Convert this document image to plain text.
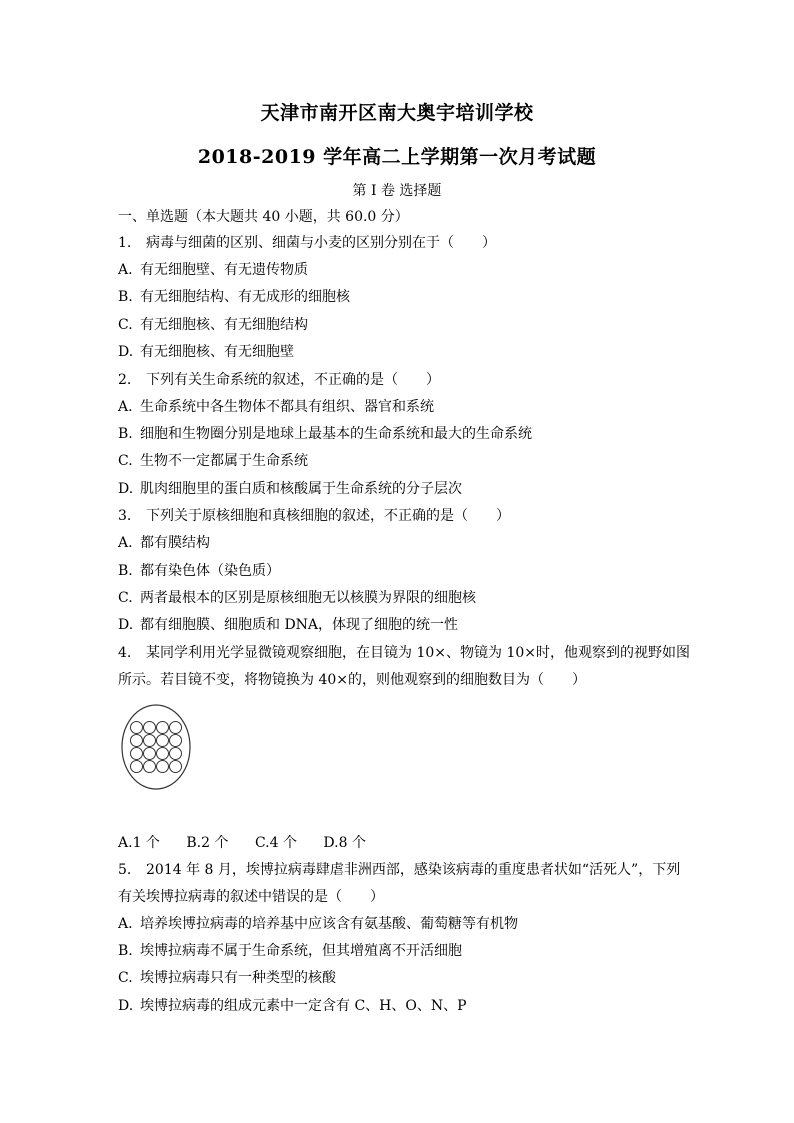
天津市南开区南大奥宇培训学校
2018-2019 学年高二上学期第一次月考试题
第 I 卷 选择题
一、单选题（本大题共 40 小题，共 60.0 分）
1. 病毒与细菌的区别、细菌与小麦的区别分别在于（　　）
A. 有无细胞壁、有无遗传物质
B. 有无细胞结构、有无成形的细胞核
C. 有无细胞核、有无细胞结构
D. 有无细胞核、有无细胞壁
2. 下列有关生命系统的叙述，不正确的是（　　）
A. 生命系统中各生物体不都具有组织、器官和系统
B. 细胞和生物圈分别是地球上最基本的生命系统和最大的生命系统
C. 生物不一定都属于生命系统
D. 肌肉细胞里的蛋白质和核酸属于生命系统的分子层次
3. 下列关于原核细胞和真核细胞的叙述，不正确的是（　　）
A. 都有膜结构
B. 都有染色体（染色质）
C. 两者最根本的区别是原核细胞无以核膜为界限的细胞核
D. 都有细胞膜、细胞质和 DNA，体现了细胞的统一性
4. 某同学利用光学显微镜观察细胞，在目镜为 10×、物镜为 10×时，他观察到的视野如图
所示。若目镜不变，将物镜换为 40×的，则他观察到的细胞数目为（　　）
A.1 个 B.2 个 C.4 个 D.8 个
5. 2014 年 8 月，埃博拉病毒肆虐非洲西部，感染该病毒的重度患者状如“活死人”，下列
有关埃博拉病毒的叙述中错误的是（　　）
A. 培养埃博拉病毒的培养基中应该含有氨基酸、葡萄糖等有机物
B. 埃博拉病毒不属于生命系统，但其增殖离不开活细胞
C. 埃博拉病毒只有一种类型的核酸
D. 埃博拉病毒的组成元素中一定含有 C、H、O、N、P
